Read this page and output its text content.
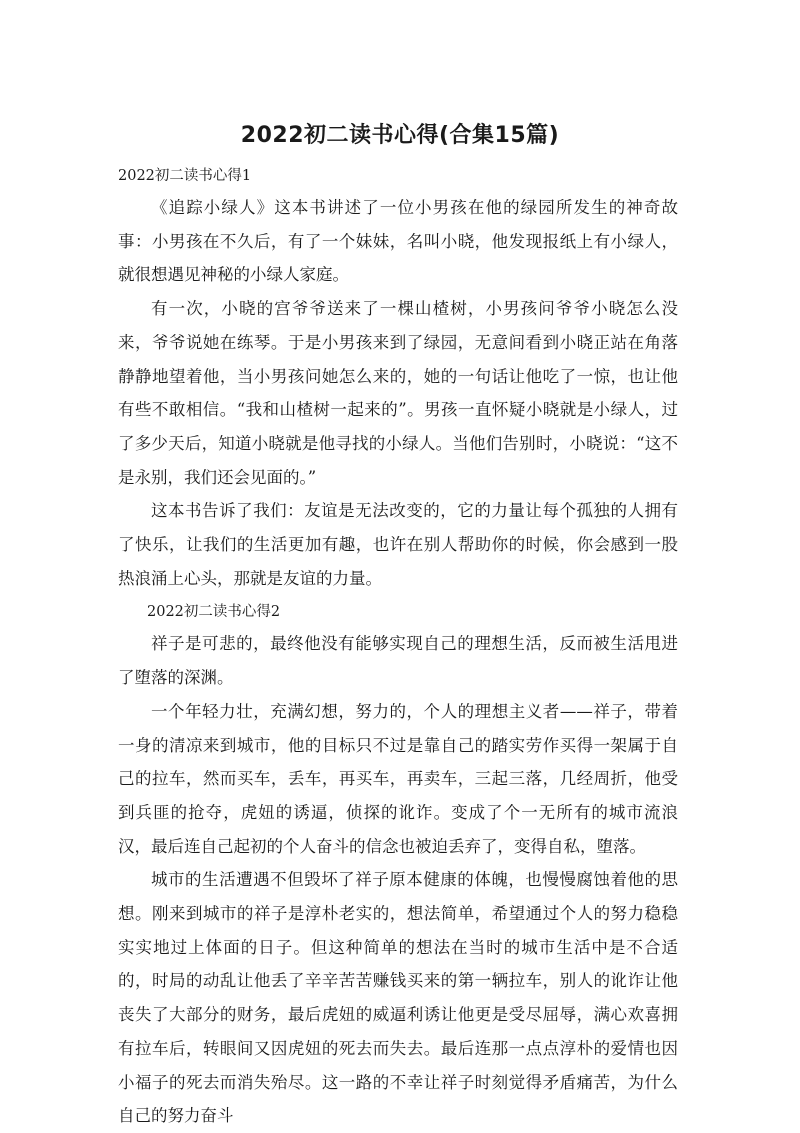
2022初二读书心得(合集15篇)

2022初二读书心得1

《追踪小绿人》这本书讲述了一位小男孩在他的绿园所发生的神奇故事：小男孩在不久后，有了一个妹妹，名叫小晓，他发现报纸上有小绿人，就很想遇见神秘的小绿人家庭。

有一次，小晓的宫爷爷送来了一棵山楂树，小男孩问爷爷小晓怎么没来，爷爷说她在练琴。于是小男孩来到了绿园，无意间看到小晓正站在角落静静地望着他，当小男孩问她怎么来的，她的一句话让他吃了一惊，也让他有些不敢相信。“我和山楂树一起来的”。男孩一直怀疑小晓就是小绿人，过了多少天后，知道小晓就是他寻找的小绿人。当他们告别时，小晓说：“这不是永别，我们还会见面的。”

这本书告诉了我们：友谊是无法改变的，它的力量让每个孤独的人拥有了快乐，让我们的生活更加有趣，也许在别人帮助你的时候，你会感到一股热浪涌上心头，那就是友谊的力量。

2022初二读书心得2

祥子是可悲的，最终他没有能够实现自己的理想生活，反而被生活甩进了堕落的深渊。

一个年轻力壮，充满幻想，努力的，个人的理想主义者——祥子，带着一身的清凉来到城市，他的目标只不过是靠自己的踏实劳作买得一架属于自己的拉车，然而买车，丢车，再买车，再卖车，三起三落，几经周折，他受到兵匪的抢夺，虎妞的诱逼，侦探的讹诈。变成了个一无所有的城市流浪汉，最后连自己起初的个人奋斗的信念也被迫丢弃了，变得自私，堕落。

城市的生活遭遇不但毁坏了祥子原本健康的体魄，也慢慢腐蚀着他的思想。刚来到城市的祥子是淳朴老实的，想法简单，希望通过个人的努力稳稳实实地过上体面的日子。但这种简单的想法在当时的城市生活中是不合适的，时局的动乱让他丢了辛辛苦苦赚钱买来的第一辆拉车，别人的讹诈让他丧失了大部分的财务，最后虎妞的威逼利诱让他更是受尽屈辱，满心欢喜拥有拉车后，转眼间又因虎妞的死去而失去。最后连那一点点淳朴的爱情也因小福子的死去而消失殆尽。这一路的不幸让祥子时刻觉得矛盾痛苦，为什么自己的努力奋斗
